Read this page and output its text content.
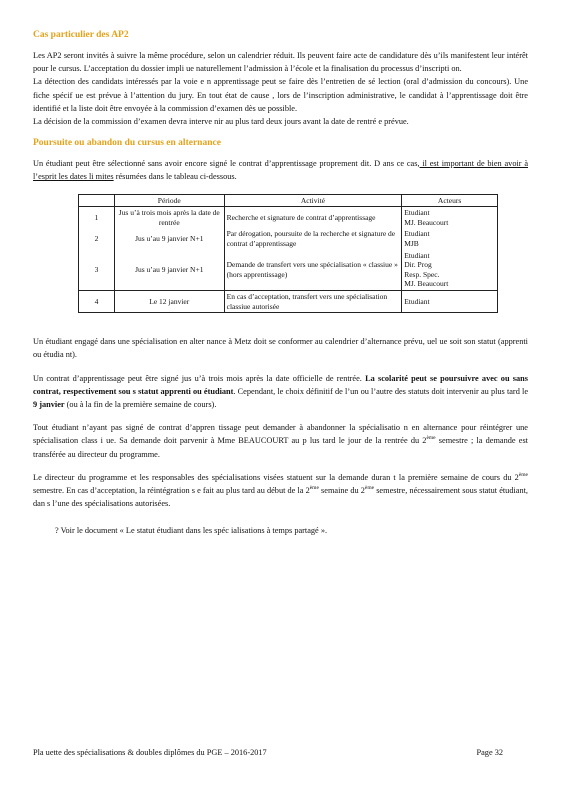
Cas particulier des AP2

Les AP2 seront invités à suivre la même procédure, selon un calendrier réduit. Ils peuvent faire acte de candidature dès u’ils manifestent leur intérêt pour le cursus. L’acceptation du dossier impli ue naturellement l’admission à l’école et la finalisation du processus d’inscripti on.

La détection des candidats intéressés par la voie e n apprentissage peut se faire dès l’entretien de sé lection (oral d’admission du concours). Une fiche spécif ue est prévue à l’attention du jury. En tout état de cause , lors de l’inscription administrative, le candidat à l’apprentissage doit être identifié et la liste doit être envoyée à la commission d’examen dès ue possible.

La décision de la commission d’examen devra interve nir au plus tard deux jours avant la date de rentré e prévue.

Poursuite ou abandon du cursus en alternance

Un étudiant peut être sélectionné sans avoir encore signé le contrat d’apprentissage proprement dit. D ans ce cas, il est important de bien avoir à l’esprit les dates li mites résumées dans le tableau ci-dessous.

	Période	Activité	Acteurs
1	Jus u’à trois mois après la date de rentrée	Recherche et signature de contrat d’apprentissage	Etudiant
MJ. Beaucourt
2	Jus u’au 9 janvier N+1	Par dérogation, poursuite de la recherche et signature de contrat d’apprentissage	Etudiant
MJB
3	Jus u’au 9 janvier N+1	Demande de transfert vers une spécialisation « classiue » (hors apprentissage)	Etudiant
Dir. Prog
Resp. Spec.
MJ. Beaucourt
4	Le 12 janvier	En cas d’acceptation, transfert vers une spécialisation classiue autorisée	Etudiant

Un étudiant engagé dans une spécialisation en alter nance à Metz doit se conformer au calendrier d’alternance prévu, uel ue soit son statut (apprenti ou étudia nt).

Un contrat d’apprentissage peut être signé jus u’à trois mois après la date officielle de rentrée. La scolarité peut se poursuivre avec ou sans contrat, respectivement sou s statut apprenti ou étudiant. Cependant, le choix définitif de l’un ou l’autre des statuts doit intervenir au plus tard le 9 janvier (ou à la fin de la première semaine de cours).

Tout étudiant n’ayant pas signé de contrat d’appren tissage peut demander à abandonner la spécialisatio n en alternance pour réintégrer une spécialisation class i ue. Sa demande doit parvenir à Mme BEAUCOURT au p lus tard le jour de la rentrée du 2ème semestre ; la demande est transférée au directeur du programme.

Le directeur du programme et les responsables des spécialisations visées statuent sur la demande duran t la première semaine de cours du 2ème semestre. En cas d’acceptation, la réintégration s e fait au plus tard au début de la 2ème semaine du 2ème semestre, nécessairement sous statut étudiant, dan s l’une des spécialisations autorisées.

? Voir le document « Le statut étudiant dans les spéc ialisations à temps partagé ».
Pla uette des spécialisations & doubles diplômes du PGE – 2016-2017	Page 32
